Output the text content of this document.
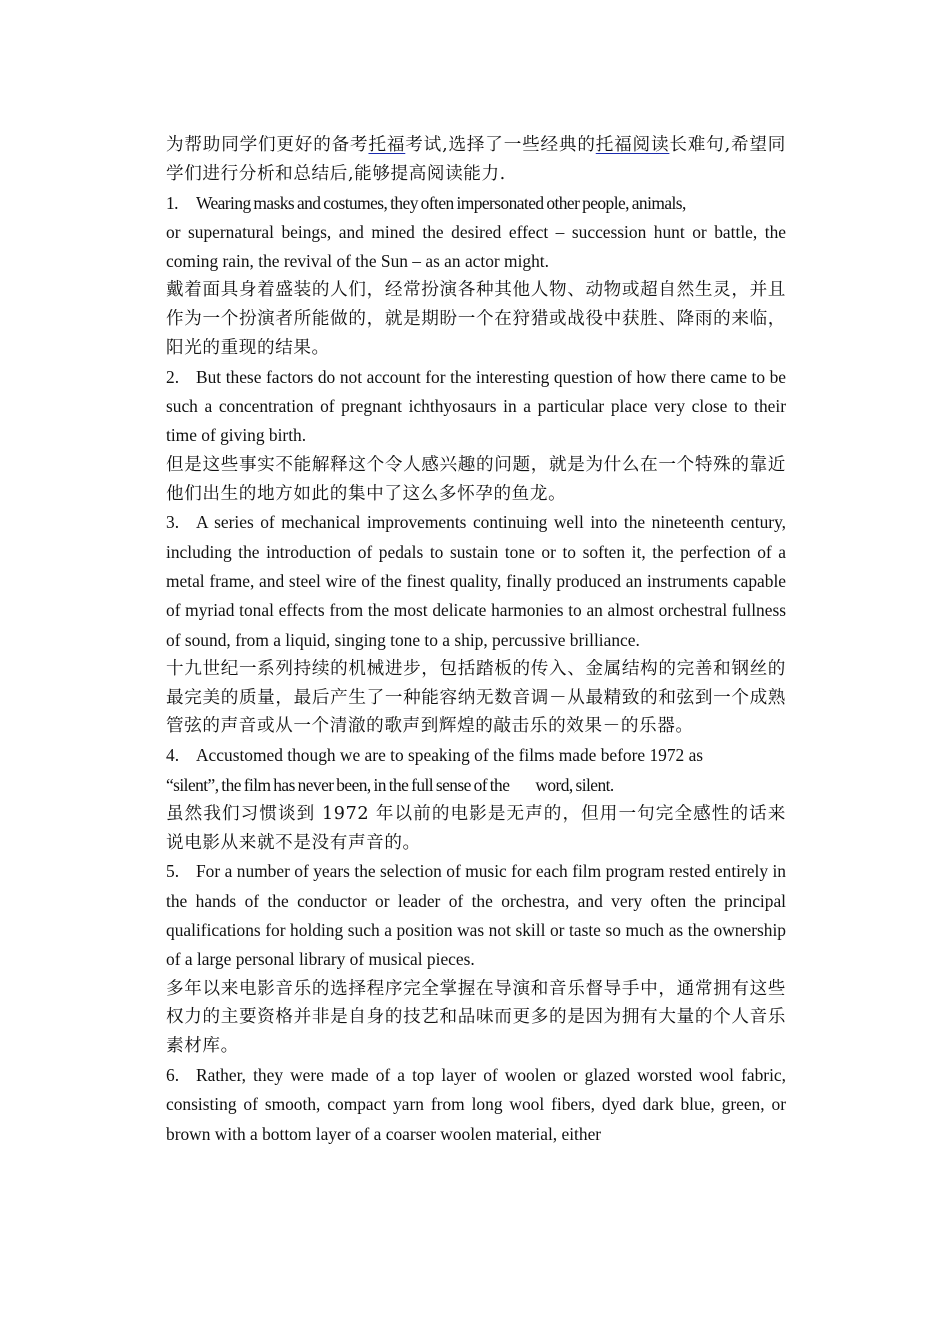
为帮助同学们更好的备考托福考试,选择了一些经典的托福阅读长难句,希望同学们进行分析和总结后,能够提高阅读能力.

1. Wearing masks and costumes, they often impersonated other people, animals,

or supernatural beings, and mined the desired effect – succession hunt or battle, the coming rain, the revival of the Sun – as an actor might.

戴着面具身着盛装的人们，经常扮演各种其他人物、动物或超自然生灵，并且作为一个扮演者所能做的，就是期盼一个在狩猎或战役中获胜、降雨的来临，阳光的重现的结果。

2. But these factors do not account for the interesting question of how there came to be such a concentration of pregnant ichthyosaurs in a particular place very close to their time of giving birth.

但是这些事实不能解释这个令人感兴趣的问题，就是为什么在一个特殊的靠近他们出生的地方如此的集中了这么多怀孕的鱼龙。

3. A series of mechanical improvements continuing well into the nineteenth century, including the introduction of pedals to sustain tone or to soften it, the perfection of a metal frame, and steel wire of the finest quality, finally produced an instruments capable of myriad tonal effects from the most delicate harmonies to an almost orchestral fullness of sound, from a liquid, singing tone to a ship, percussive brilliance.

十九世纪一系列持续的机械进步，包括踏板的传入、金属结构的完善和钢丝的最完美的质量，最后产生了一种能容纳无数音调－从最精致的和弦到一个成熟管弦的声音或从一个清澈的歌声到辉煌的敲击乐的效果－的乐器。

4. Accustomed though we are to speaking of the films made before 1972 as

“silent”, the film has never been, in the full sense of the word, silent.

虽然我们习惯谈到 1972 年以前的电影是无声的，但用一句完全感性的话来说电影从来就不是没有声音的。

5. For a number of years the selection of music for each film program rested entirely in the hands of the conductor or leader of the orchestra, and very often the principal qualifications for holding such a position was not skill or taste so much as the ownership of a large personal library of musical pieces.

多年以来电影音乐的选择程序完全掌握在导演和音乐督导手中，通常拥有这些权力的主要资格并非是自身的技艺和品味而更多的是因为拥有大量的个人音乐素材库。

6. Rather, they were made of a top layer of woolen or glazed worsted wool fabric, consisting of smooth, compact yarn from long wool fibers, dyed dark blue, green, or brown with a bottom layer of a coarser woolen material, either
